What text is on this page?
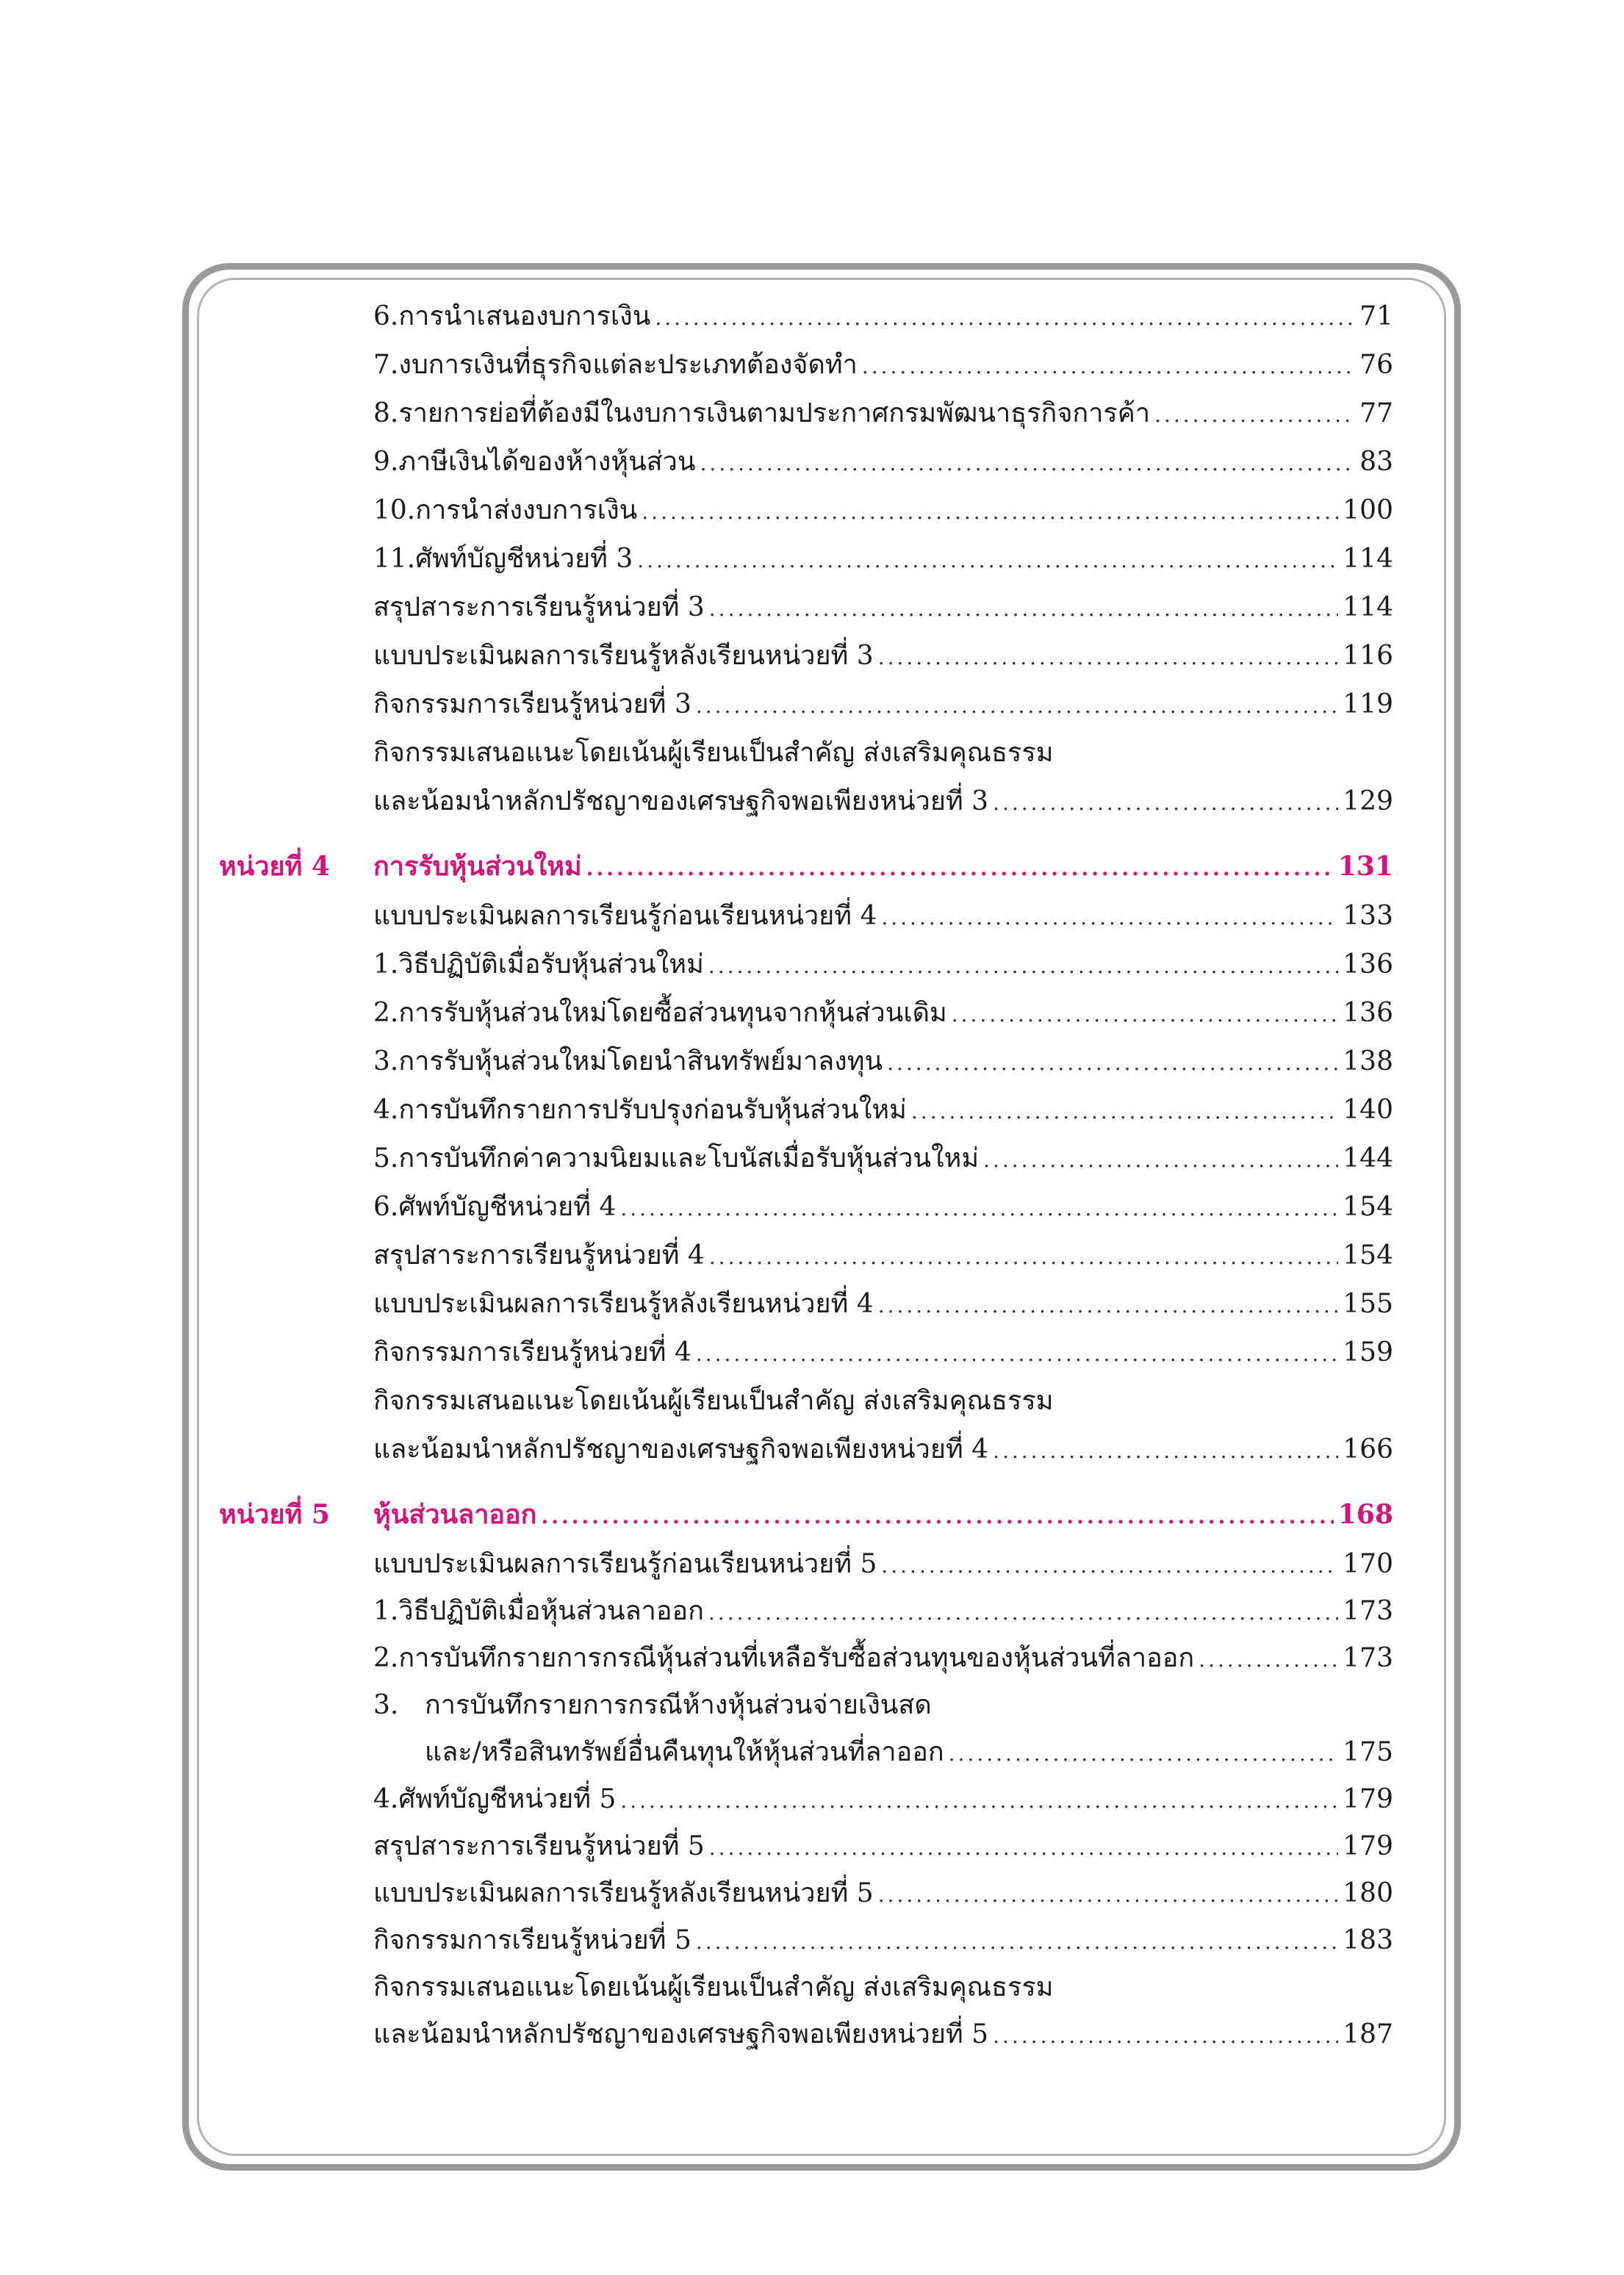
6. การนำเสนองบการเงิน .....	71
7. งบการเงินที่ธุรกิจแต่ละประเภทต้องจัดทำ .....	76
8. รายการย่อที่ต้องมีในงบการเงินตามประกาศกรมพัฒนาธุรกิจการค้า .....	77
9. ภาษีเงินได้ของห้างหุ้นส่วน .....	83
10. การนำส่งงบการเงิน .....	100
11. ศัพท์บัญชีหน่วยที่ 3 .....	114
สรุปสาระการเรียนรู้หน่วยที่ 3 .....	114
แบบประเมินผลการเรียนรู้หลังเรียนหน่วยที่ 3 .....	116
กิจกรรมการเรียนรู้หน่วยที่ 3 .....	119
กิจกรรมเสนอแนะโดยเน้นผู้เรียนเป็นสำคัญ ส่งเสริมคุณธรรม
และน้อมนำหลักปรัชญาของเศรษฐกิจพอเพียงหน่วยที่ 3 .....	129
หน่วยที่ 4 การรับหุ้นส่วนใหม่ .....	131
แบบประเมินผลการเรียนรู้ก่อนเรียนหน่วยที่ 4 .....	133
1. วิธีปฏิบัติเมื่อรับหุ้นส่วนใหม่ .....	136
2. การรับหุ้นส่วนใหม่โดยซื้อส่วนทุนจากหุ้นส่วนเดิม .....	136
3. การรับหุ้นส่วนใหม่โดยนำสินทรัพย์มาลงทุน .....	138
4. การบันทึกรายการปรับปรุงก่อนรับหุ้นส่วนใหม่ .....	140
5. การบันทึกค่าความนิยมและโบนัสเมื่อรับหุ้นส่วนใหม่ .....	144
6. ศัพท์บัญชีหน่วยที่ 4 .....	154
สรุปสาระการเรียนรู้หน่วยที่ 4 .....	154
แบบประเมินผลการเรียนรู้หลังเรียนหน่วยที่ 4 .....	155
กิจกรรมการเรียนรู้หน่วยที่ 4 .....	159
กิจกรรมเสนอแนะโดยเน้นผู้เรียนเป็นสำคัญ ส่งเสริมคุณธรรม
และน้อมนำหลักปรัชญาของเศรษฐกิจพอเพียงหน่วยที่ 4 .....	166
หน่วยที่ 5 หุ้นส่วนลาออก .....	168
แบบประเมินผลการเรียนรู้ก่อนเรียนหน่วยที่ 5 .....	170
1. วิธีปฏิบัติเมื่อหุ้นส่วนลาออก .....	173
2. การบันทึกรายการกรณีหุ้นส่วนที่เหลือรับซื้อส่วนทุนของหุ้นส่วนที่ลาออก .....	173
3. การบันทึกรายการกรณีห้างหุ้นส่วนจ่ายเงินสด
และ/หรือสินทรัพย์อื่นคืนทุนให้หุ้นส่วนที่ลาออก .....	175
4. ศัพท์บัญชีหน่วยที่ 5 .....	179
สรุปสาระการเรียนรู้หน่วยที่ 5 .....	179
แบบประเมินผลการเรียนรู้หลังเรียนหน่วยที่ 5 .....	180
กิจกรรมการเรียนรู้หน่วยที่ 5 .....	183
กิจกรรมเสนอแนะโดยเน้นผู้เรียนเป็นสำคัญ ส่งเสริมคุณธรรม
และน้อมนำหลักปรัชญาของเศรษฐกิจพอเพียงหน่วยที่ 5 .....	187
